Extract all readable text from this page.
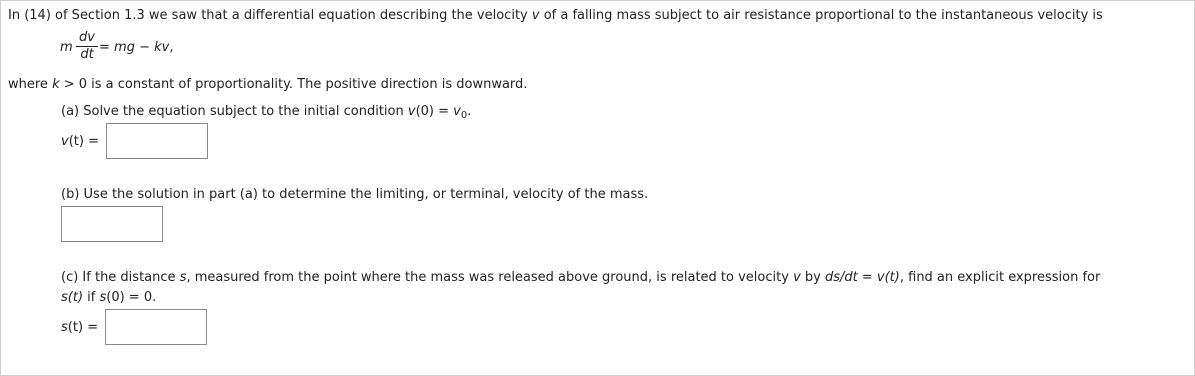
In (14) of Section 1.3 we saw that a differential equation describing the velocity v of a falling mass subject to air resistance proportional to the instantaneous velocity is
m
dv
dt = mg − kv,
where k > 0 is a constant of proportionality. The positive direction is downward.
(a) Solve the equation subject to the initial condition $v(0) = v_0$.
v(t) =
(b) Use the solution in part (a) to determine the limiting, or terminal, velocity of the mass.
(c) If the distance s, measured from the point where the mass was released above ground, is related to velocity v by ds/dt = v(t), find an explicit expression for
s(t) if s(0) = 0.
s(t) =
